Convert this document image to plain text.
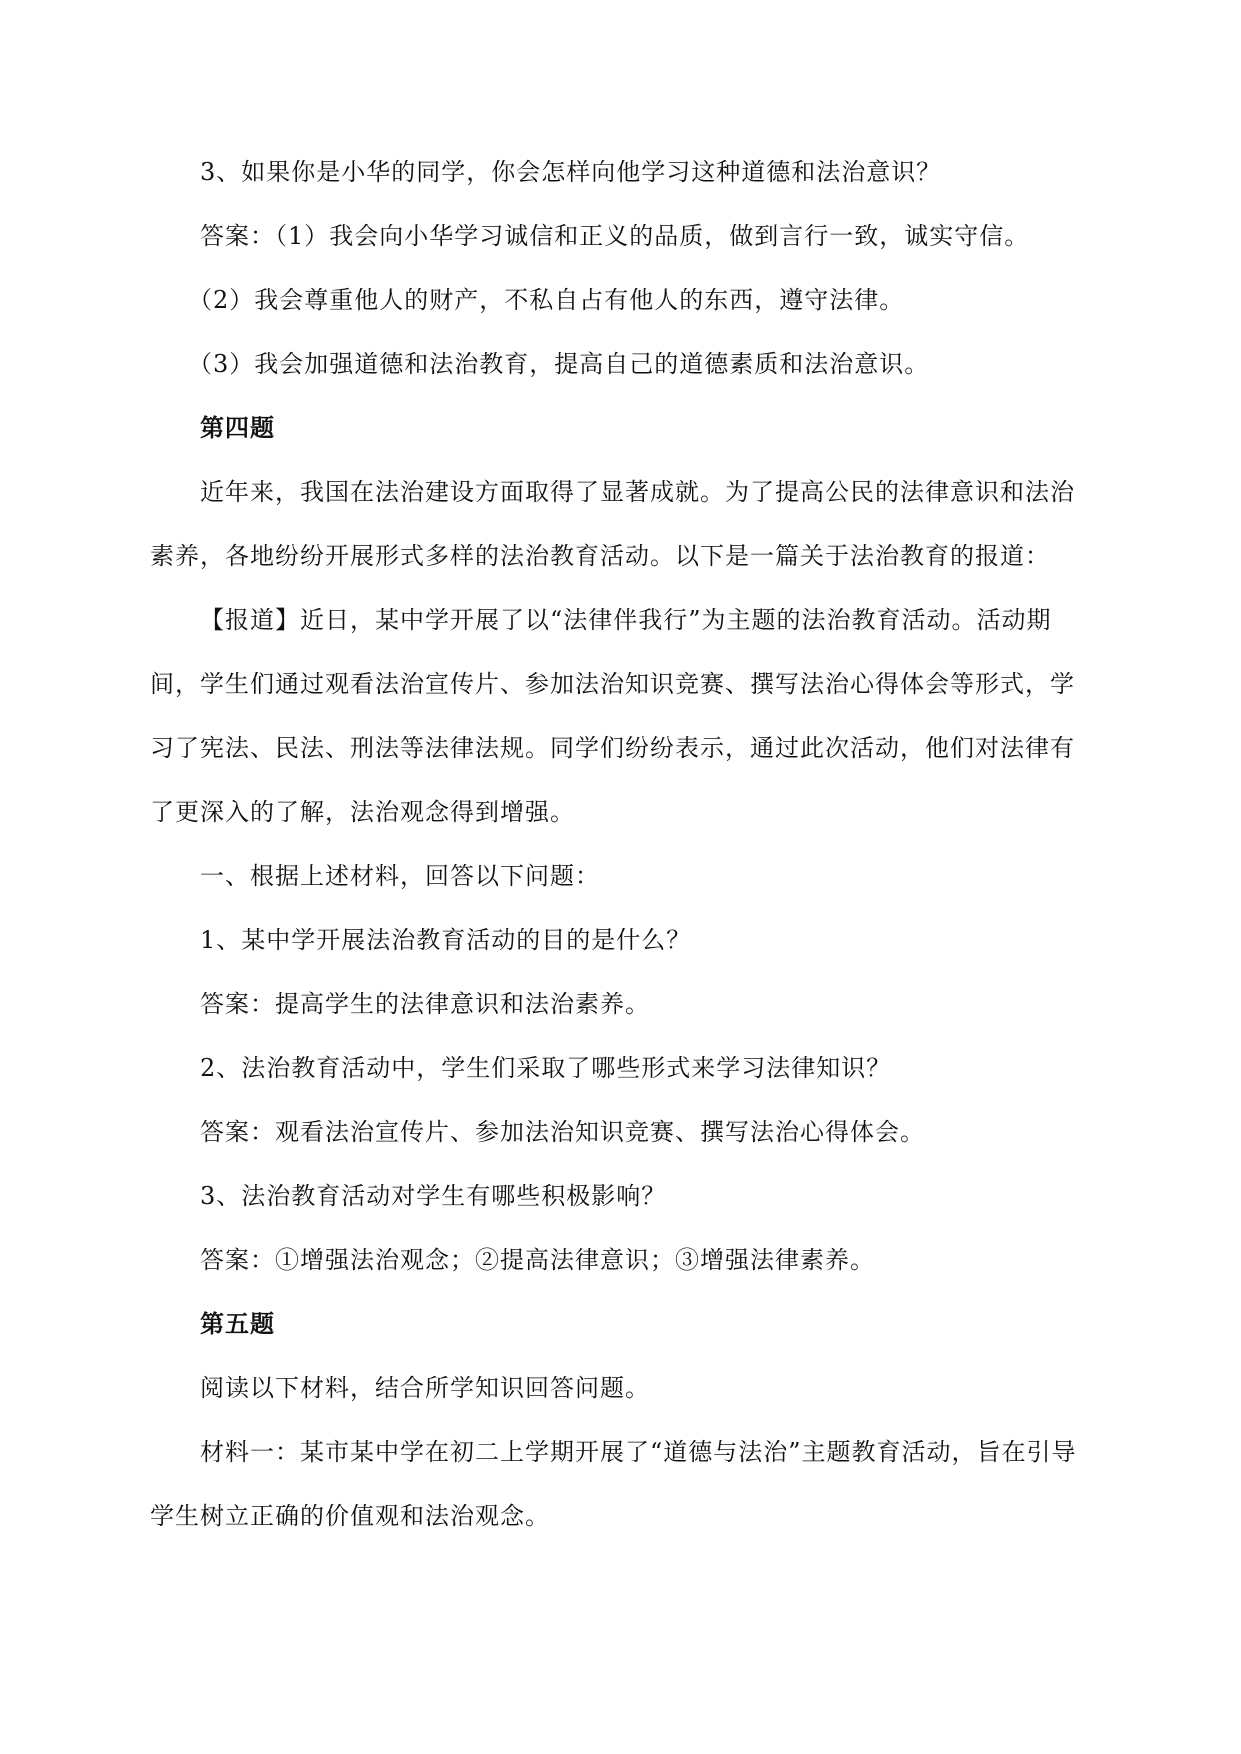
3、如果你是小华的同学，你会怎样向他学习这种道德和法治意识？

答案：（1）我会向小华学习诚信和正义的品质，做到言行一致，诚实守信。

（2）我会尊重他人的财产，不私自占有他人的东西，遵守法律。

（3）我会加强道德和法治教育，提高自己的道德素质和法治意识。

第四题

近年来，我国在法治建设方面取得了显著成就。为了提高公民的法律意识和法治素养，各地纷纷开展形式多样的法治教育活动。以下是一篇关于法治教育的报道：

【报道】近日，某中学开展了以“法律伴我行”为主题的法治教育活动。活动期间，学生们通过观看法治宣传片、参加法治知识竞赛、撰写法治心得体会等形式，学习了宪法、民法、刑法等法律法规。同学们纷纷表示，通过此次活动，他们对法律有了更深入的了解，法治观念得到增强。

一、根据上述材料，回答以下问题：

1、某中学开展法治教育活动的目的是什么？

答案：提高学生的法律意识和法治素养。

2、法治教育活动中，学生们采取了哪些形式来学习法律知识？

答案：观看法治宣传片、参加法治知识竞赛、撰写法治心得体会。

3、法治教育活动对学生有哪些积极影响？

答案：①增强法治观念；②提高法律意识；③增强法律素养。

第五题

阅读以下材料，结合所学知识回答问题。

材料一：某市某中学在初二上学期开展了“道德与法治”主题教育活动，旨在引导学生树立正确的价值观和法治观念。
